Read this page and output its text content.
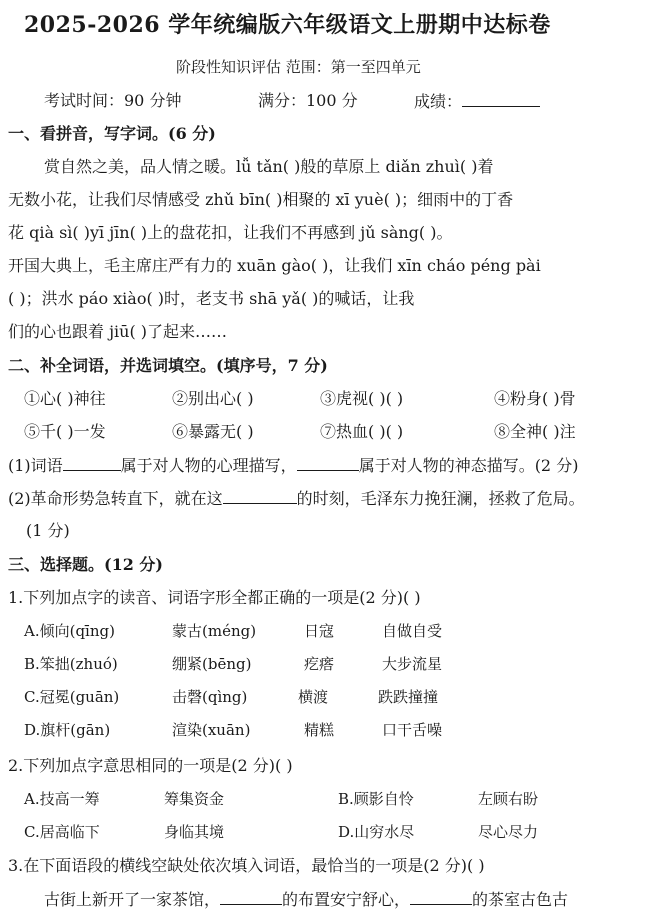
2025-2026 学年统编版六年级语文上册期中达标卷
阶段性知识评估 范围：第一至四单元
考试时间：90 分钟	满分：100 分	成绩：
一、看拼音，写字词。(6 分)
赏自然之美，品人情之暖。lǚ tǎn( )般的草原上 diǎn zhuì( )着
无数小花，让我们尽情感受 zhǔ bīn( )相聚的 xī yuè( )；细雨中的丁香
花 qià sì( )yī jīn( )上的盘花扣，让我们不再感到 jǔ sàng( )。
开国大典上，毛主席庄严有力的 xuān gào( )，让我们 xīn cháo péng pài
( )；洪水 páo xiào( )时，老支书 shā yǎ( )的喊话，让我
们的心也跟着 jiū( )了起来……
二、补全词语，并选词填空。(填序号，7 分)
①心( )神往	②别出心( )	③虎视( )( )	④粉身( )骨
⑤千( )一发	⑥暴露无( )	⑦热血( )( )	⑧全神( )注
(1)词语	属于对人物的心理描写，	属于对人物的神态描写。(2 分)
(2)革命形势急转直下，就在这	的时刻，毛泽东力挽狂澜，拯救了危局。
(1 分)
三、选择题。(12 分)
1.下列加点字的读音、词语字形全都正确的一项是(2 分)( )
A.倾向(qīng)	蒙古(méng)	日寇	自做自受
B.笨拙(zhuó)	绷紧(bēng)	疙瘩	大步流星
C.冠冕(guān)	击磬(qìng)	横渡	跌跌撞撞
D.旗杆(gān)	渲染(xuān)	精糕	口干舌噪
2.下列加点字意思相同的一项是(2 分)( )
A.技高一筹	筹集资金	B.顾影自怜	左顾右盼
C.居高临下	身临其境	D.山穷水尽	尽心尽力
3.在下面语段的横线空缺处依次填入词语，最恰当的一项是(2 分)( )
古街上新开了一家茶馆，	的布置安宁舒心，	的茶室古色古
